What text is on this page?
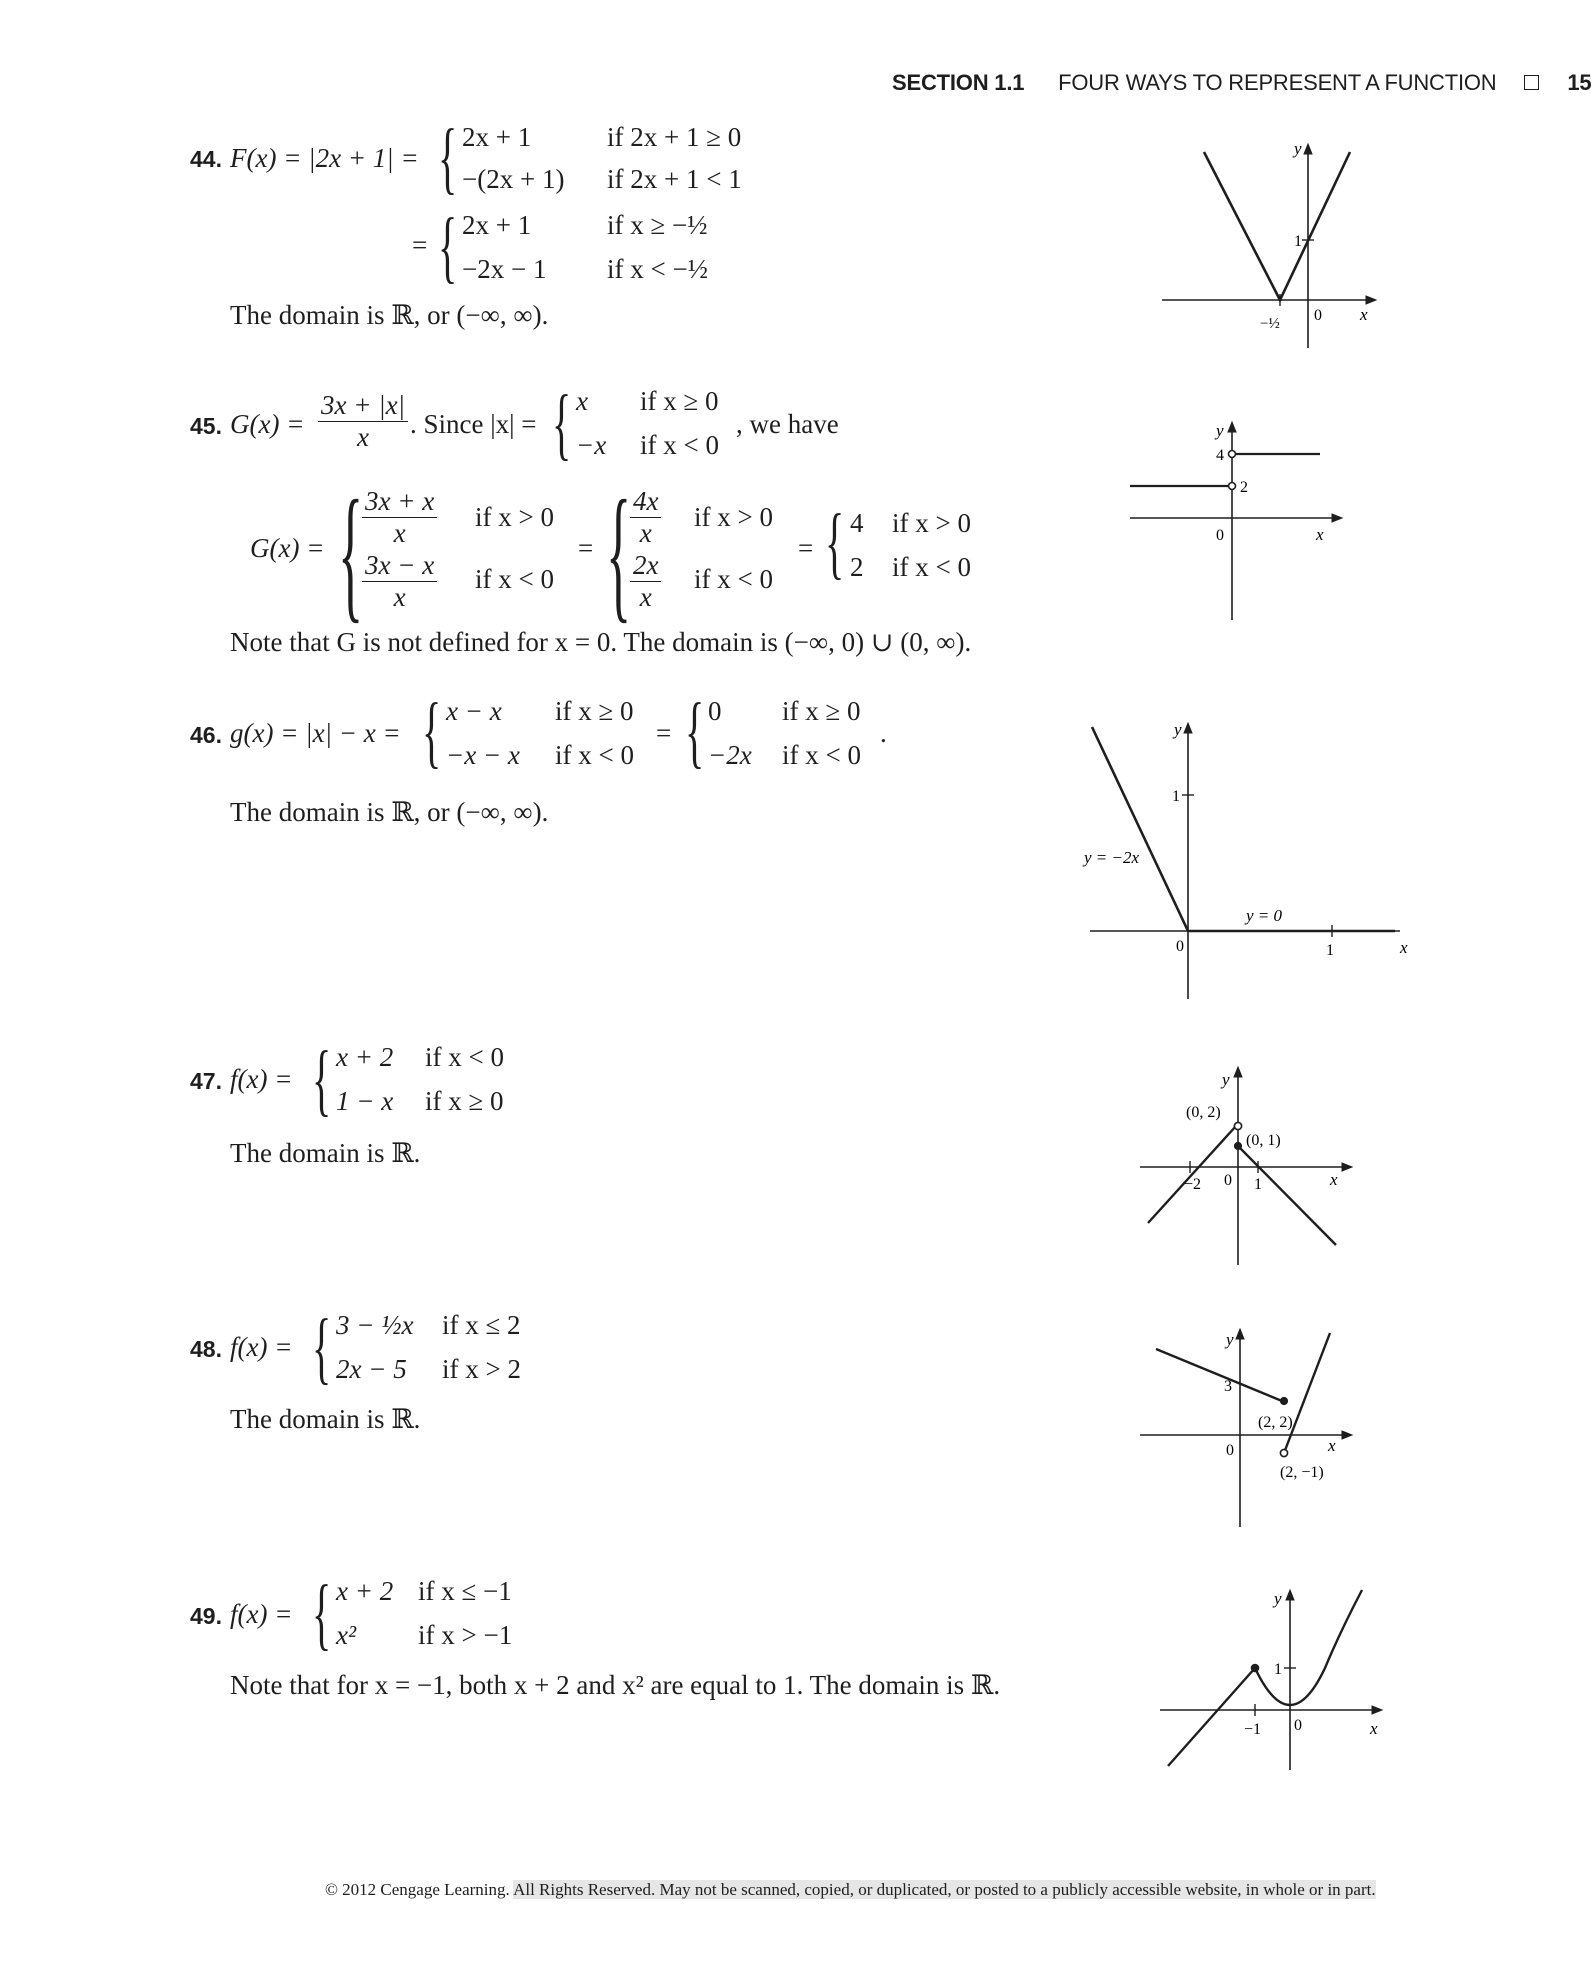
SECTION 1.1 FOUR WAYS TO REPRESENT A FUNCTION	15
44. F(x) = |2x + 1| = { 2x + 1	if 2x + 1 ≥ 0
−(2x + 1) if 2x + 1 < 1
= { 2x + 1	if x ≥ −½
−2x − 1 if x < −½
The domain is ℝ, or (−∞, ∞).
45. $G(x) = \frac{3x + |x|}{x}$ . Since |x| = { x if x ≥ 0
−x if x < 0
, we have
G(x) = {
$\frac{3x + x}{x}$ if x > 0
$\frac{3x - x}{x}$ if x < 0
= {
$\frac{4x}{x}$ if x > 0
$\frac{2x}{x}$ if x < 0
= { 4 if x > 0
2 if x < 0
Note that G is not defined for x = 0. The domain is (−∞, 0) ∪ (0, ∞).
46. g(x) = |x| − x = { x − x if x ≥ 0
−x − x if x < 0
= { 0 if x ≥ 0
−2x if x < 0
.
The domain is ℝ, or (−∞, ∞).
47. f(x) = { x + 2 if x < 0
1 − x if x ≥ 0
The domain is ℝ.
48. f(x) = { 3 − ½x if x ≤ 2
2x − 5 if x > 2
The domain is ℝ.
49. f(x) = { x + 2 if x ≤ −1
x² if x > −1
Note that for x = −1, both x + 2 and x² are equal to 1. The domain is ℝ.
y
x
1
0
−½
y
x
4
2
0
y
x
1
1
0
y = −2x
y = 0
y
x
0
−2	1
(0, 2)
(0, 1)
y
x
0
3
(2, 2)
(2, −1)
y
x
0
1
−1
© 2012 Cengage Learning. All Rights Reserved. May not be scanned, copied, or duplicated, or posted to a publicly accessible website, in whole or in part.
